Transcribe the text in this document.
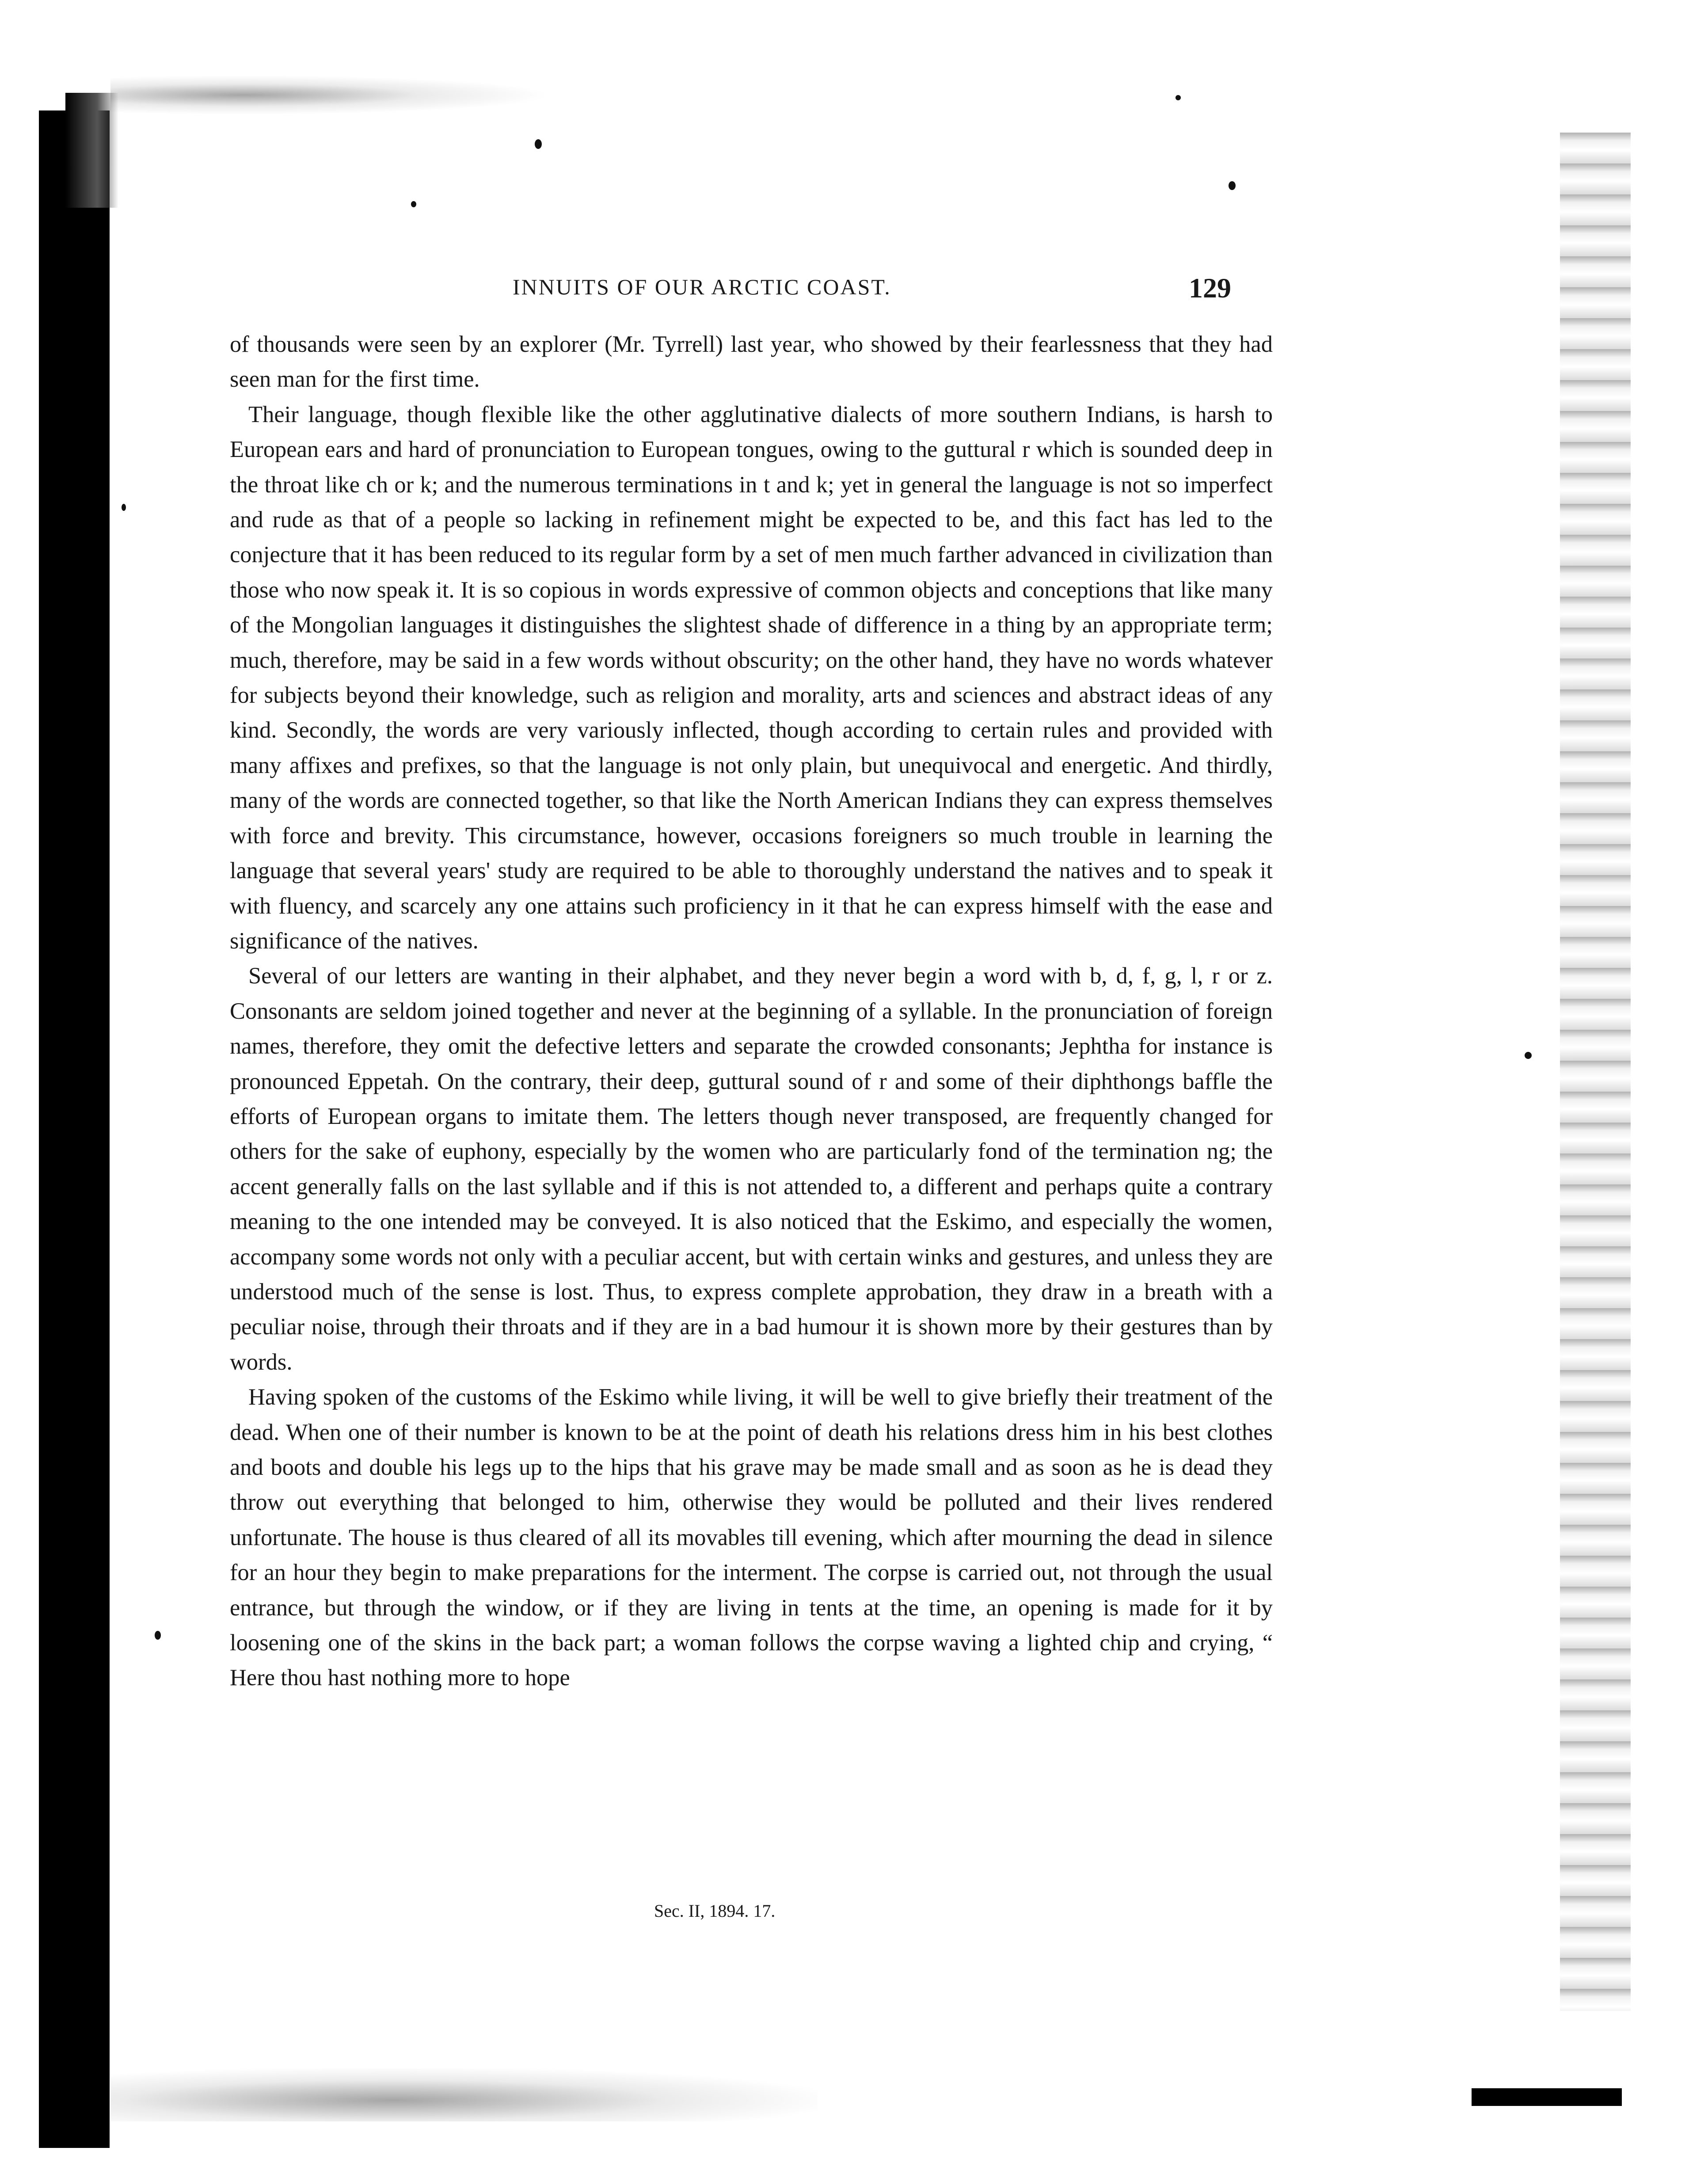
INNUITS OF OUR ARCTIC COAST.	129

of thousands were seen by an explorer (Mr. Tyrrell) last year, who showed by their fearlessness that they had seen man for the first time.

Their language, though flexible like the other agglutinative dialects of more southern Indians, is harsh to European ears and hard of pronunciation to European tongues, owing to the guttural r which is sounded deep in the throat like ch or k; and the numerous terminations in t and k; yet in general the language is not so imperfect and rude as that of a people so lacking in refinement might be expected to be, and this fact has led to the conjecture that it has been reduced to its regular form by a set of men much farther advanced in civilization than those who now speak it. It is so copious in words expressive of common objects and conceptions that like many of the Mongolian languages it distinguishes the slightest shade of difference in a thing by an appropriate term; much, therefore, may be said in a few words without obscurity; on the other hand, they have no words whatever for subjects beyond their knowledge, such as religion and morality, arts and sciences and abstract ideas of any kind. Secondly, the words are very variously inflected, though according to certain rules and provided with many affixes and prefixes, so that the language is not only plain, but unequivocal and energetic. And thirdly, many of the words are connected together, so that like the North American Indians they can express themselves with force and brevity. This circumstance, however, occasions foreigners so much trouble in learning the language that several years' study are required to be able to thoroughly understand the natives and to speak it with fluency, and scarcely any one attains such proficiency in it that he can express himself with the ease and significance of the natives.

Several of our letters are wanting in their alphabet, and they never begin a word with b, d, f, g, l, r or z. Consonants are seldom joined together and never at the beginning of a syllable. In the pronunciation of foreign names, therefore, they omit the defective letters and separate the crowded consonants; Jephtha for instance is pronounced Eppetah. On the contrary, their deep, guttural sound of r and some of their diphthongs baffle the efforts of European organs to imitate them. The letters though never transposed, are frequently changed for others for the sake of euphony, especially by the women who are particularly fond of the termination ng; the accent generally falls on the last syllable and if this is not attended to, a different and perhaps quite a contrary meaning to the one intended may be conveyed. It is also noticed that the Eskimo, and especially the women, accompany some words not only with a peculiar accent, but with certain winks and gestures, and unless they are understood much of the sense is lost. Thus, to express complete approbation, they draw in a breath with a peculiar noise, through their throats and if they are in a bad humour it is shown more by their gestures than by words.

Having spoken of the customs of the Eskimo while living, it will be well to give briefly their treatment of the dead. When one of their number is known to be at the point of death his relations dress him in his best clothes and boots and double his legs up to the hips that his grave may be made small and as soon as he is dead they throw out everything that belonged to him, otherwise they would be polluted and their lives rendered unfortunate. The house is thus cleared of all its movables till evening, which after mourning the dead in silence for an hour they begin to make preparations for the interment. The corpse is carried out, not through the usual entrance, but through the window, or if they are living in tents at the time, an opening is made for it by loosening one of the skins in the back part; a woman follows the corpse waving a lighted chip and crying, “ Here thou hast nothing more to hope

Sec. II, 1894. 17.
